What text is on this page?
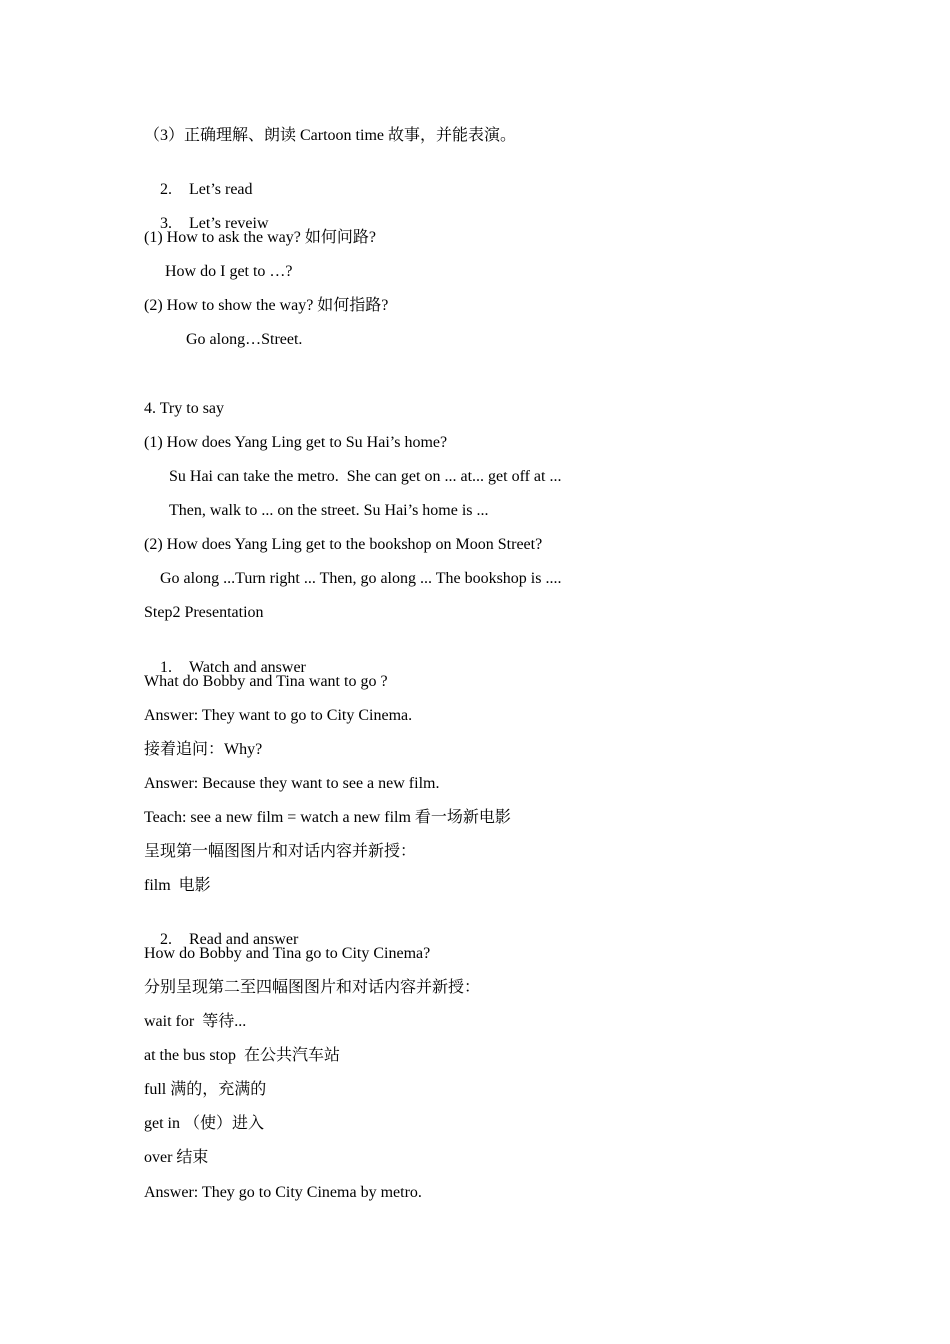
（3）正确理解、朗读 Cartoon time 故事，并能表演。

2. Let’s read

3. Let’s reveiw

(1) How to ask the way? 如何问路?
How do I get to …?
(2) How to show the way? 如何指路?
Go along…Street.
4. Try to say
(1) How does Yang Ling get to Su Hai’s home?
Su Hai can take the metro.  She can get on ... at... get off at ...
Then, walk to ... on the street. Su Hai’s home is ...
(2) How does Yang Ling get to the bookshop on Moon Street?
Go along ...Turn right ... Then, go along ... The bookshop is ....
Step2 Presentation

1. Watch and answer

What do Bobby and Tina want to go ?
Answer: They want to go to City Cinema.
接着追问：Why?
Answer: Because they want to see a new film.
Teach: see a new film = watch a new film 看一场新电影
呈现第一幅图图片和对话内容并新授：
film  电影

2. Read and answer

How do Bobby and Tina go to City Cinema?
分别呈现第二至四幅图图片和对话内容并新授：
wait for  等待...
at the bus stop  在公共汽车站
full 满的，充满的
get in （使）进入
over 结束
Answer: They go to City Cinema by metro.
